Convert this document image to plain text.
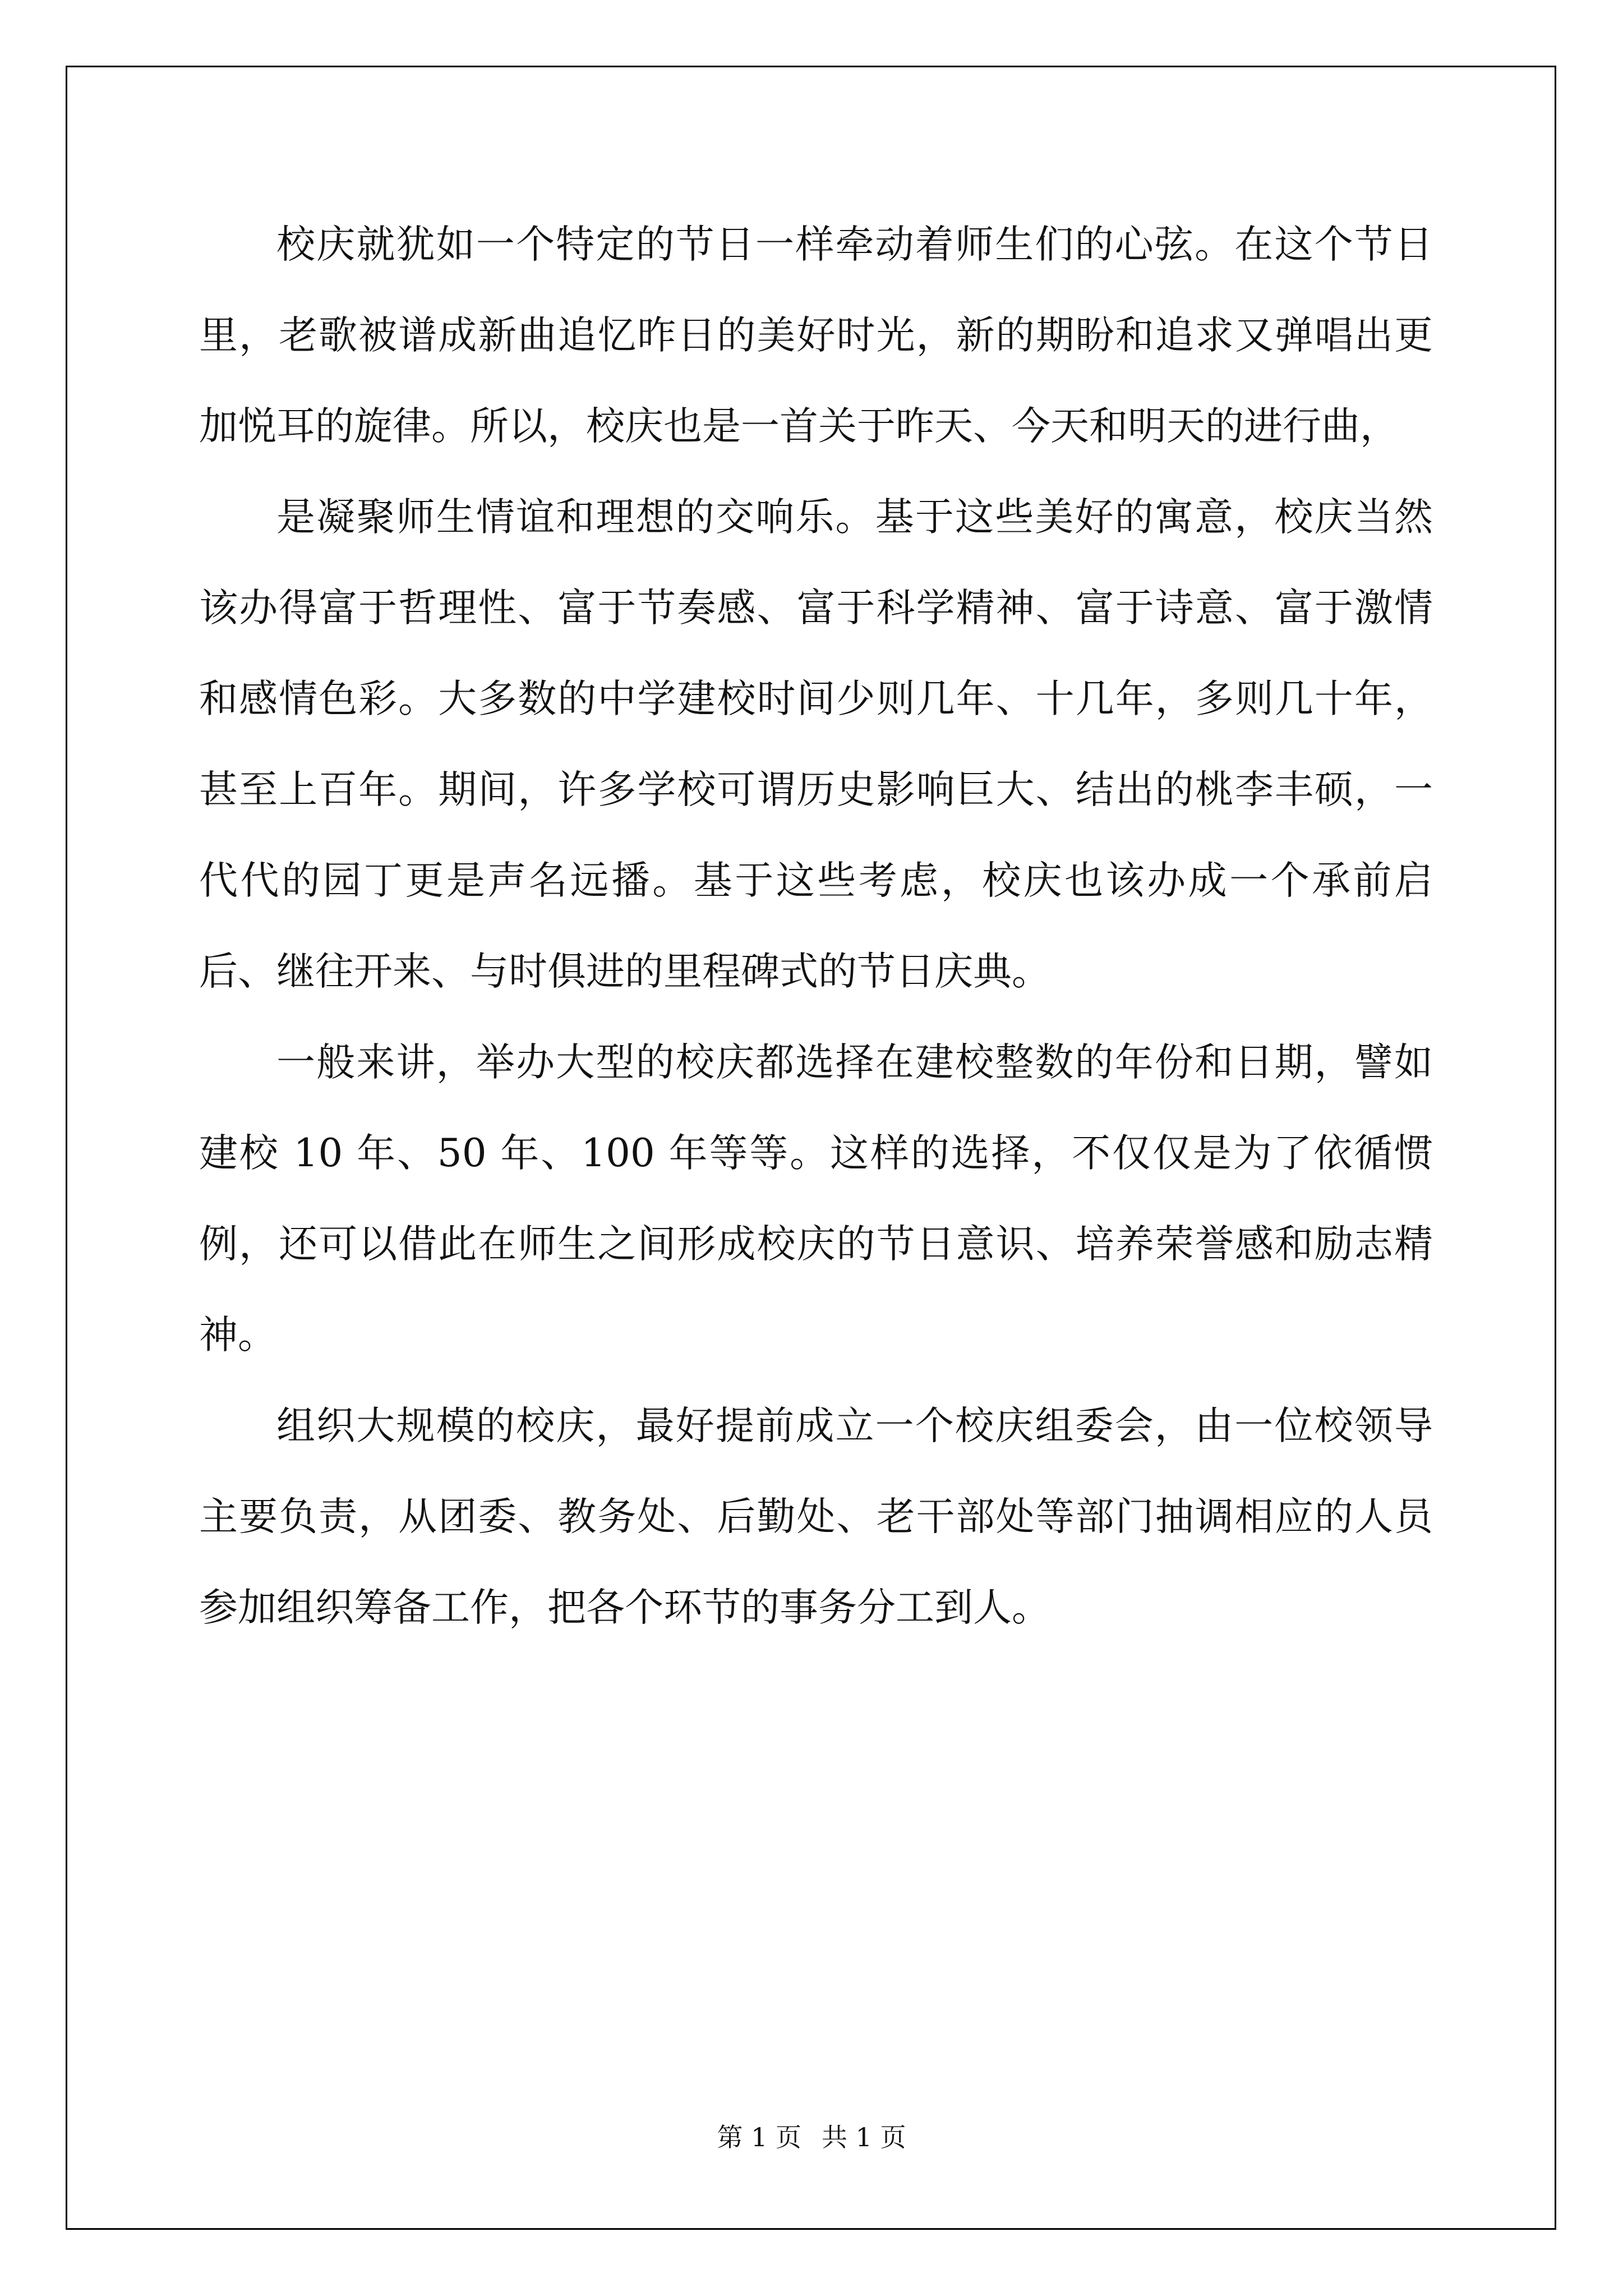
校庆就犹如一个特定的节日一样牵动着师生们的心弦。在这个节日里，老歌被谱成新曲追忆昨日的美好时光，新的期盼和追求又弹唱出更加悦耳的旋律。所以，校庆也是一首关于昨天、今天和明天的进行曲，

是凝聚师生情谊和理想的交响乐。基于这些美好的寓意，校庆当然该办得富于哲理性、富于节奏感、富于科学精神、富于诗意、富于激情和感情色彩。大多数的中学建校时间少则几年、十几年，多则几十年，甚至上百年。期间，许多学校可谓历史影响巨大、结出的桃李丰硕，一代代的园丁更是声名远播。基于这些考虑，校庆也该办成一个承前启后、继往开来、与时俱进的里程碑式的节日庆典。

一般来讲，举办大型的校庆都选择在建校整数的年份和日期，譬如建校 10 年、50 年、100 年等等。这样的选择，不仅仅是为了依循惯例，还可以借此在师生之间形成校庆的节日意识、培养荣誉感和励志精神。

组织大规模的校庆，最好提前成立一个校庆组委会，由一位校领导主要负责，从团委、教务处、后勤处、老干部处等部门抽调相应的人员参加组织筹备工作，把各个环节的事务分工到人。

第 1 页 共 1 页
